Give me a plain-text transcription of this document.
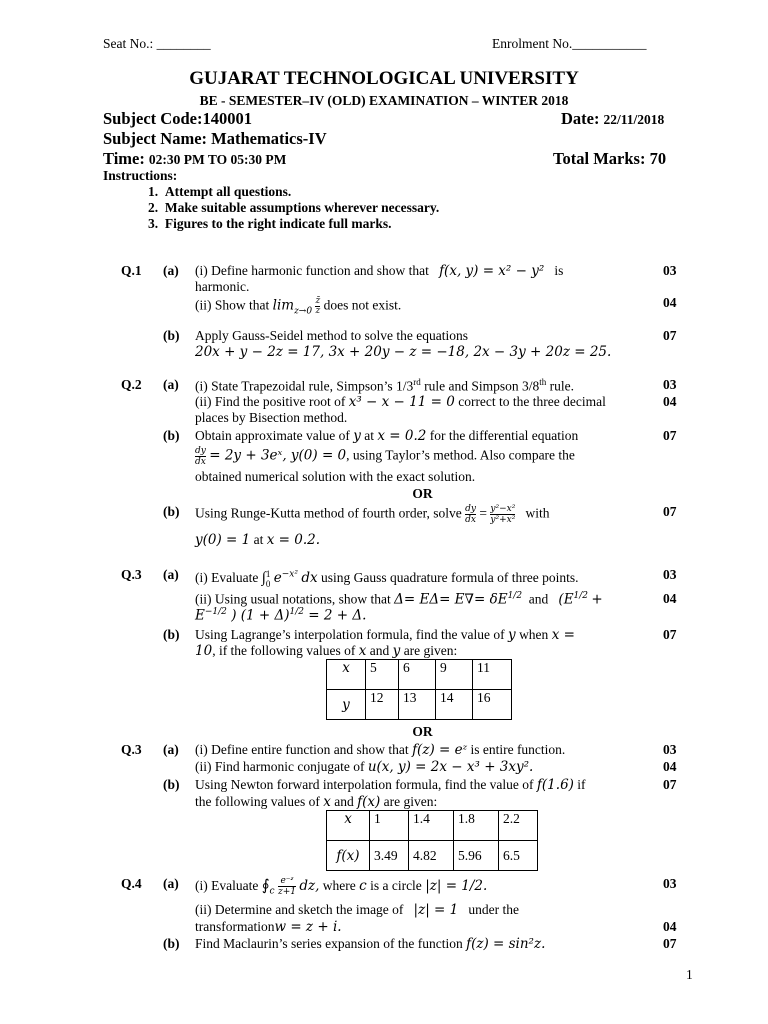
Seat No.: ________	Enrolment No.___________
GUJARAT TECHNOLOGICAL UNIVERSITY
BE - SEMESTER–IV (OLD) EXAMINATION – WINTER 2018
Subject Code:140001	Date: 22/11/2018
Subject Name: Mathematics-IV
Time: 02:30 PM TO 05:30 PM	Total Marks: 70
Instructions:
1. Attempt all questions.
2. Make suitable assumptions wherever necessary.
3. Figures to the right indicate full marks.
Q.1 (a) (i) Define harmonic function and show that f(x, y) = x² − y² is	03
harmonic.
(ii) Show that $\lim_{z\to 0} \frac{z̄}{z}$ does not exist.	04
(b) Apply Gauss-Seidel method to solve the equations	07
20x + y − 2z = 17, 3x + 20y − z = −18, 2x − 3y + 20z = 25.
Q.2 (a) (i) State Trapezoidal rule, Simpson’s 1/3rd rule and Simpson 3/8th rule.	03
(ii) Find the positive root of x³ − x − 11 = 0 correct to the three decimal	04
places by Bisection method.
(b) Obtain approximate value of y at x = 0.2 for the differential equation	07
$\frac{dy}{dx} = 2y$ + 3eˣ, y(0) = 0, using Taylor’s method. Also compare the
obtained numerical solution with the exact solution.
OR
(b) Using Runge-Kutta method of fourth order, solve $\frac{dy}{dx} = \frac{\text{y²−x²}}{\text{y²+x²}}$ with	07
y(0) = 1 at x = 0.2.
Q.3 (a) (i) Evaluate ∫ 1
0 $e^{-x^2}$ dx using Gauss quadrature formula of three points.	03
(ii) Using usual notations, show that $\Delta= E\Delta= E\nabla= \delta E^{1/2}$ and ($E^{1/2}$ +	04
$E^{-1/2}$ ) $(1 + \Delta)^{1/2} = 2 + \Delta$.
(b) Using Lagrange’s interpolation formula, find the value of y when x =	07
10, if the following values of x and y are given:
x	5	6	9	11
y	12	13	14	16
OR
Q.3 (a) (i) Define entire function and show that f(z) = eᶻ is entire function.	03
(ii) Find harmonic conjugate of u(x, y) = 2x − x³ + 3xy².	04
(b) Using Newton forward interpolation formula, find the value of f(1.6) if	07
the following values of x and f(x) are given:
x	1	1.4	1.8	2.2
f(x)	3.49	4.82	5.96	6.5
Q.4 (a) (i) Evaluate $∮_c \frac{\text{e⁻ᶻ}}{z+1}$ dz, where c is a circle |z| = 1/2.	03
(ii) Determine and sketch the image of |z| = 1 under the
transformationw = z + i.	04
(b) Find Maclaurin’s series expansion of the function f(z) = sin²z.	07
1
